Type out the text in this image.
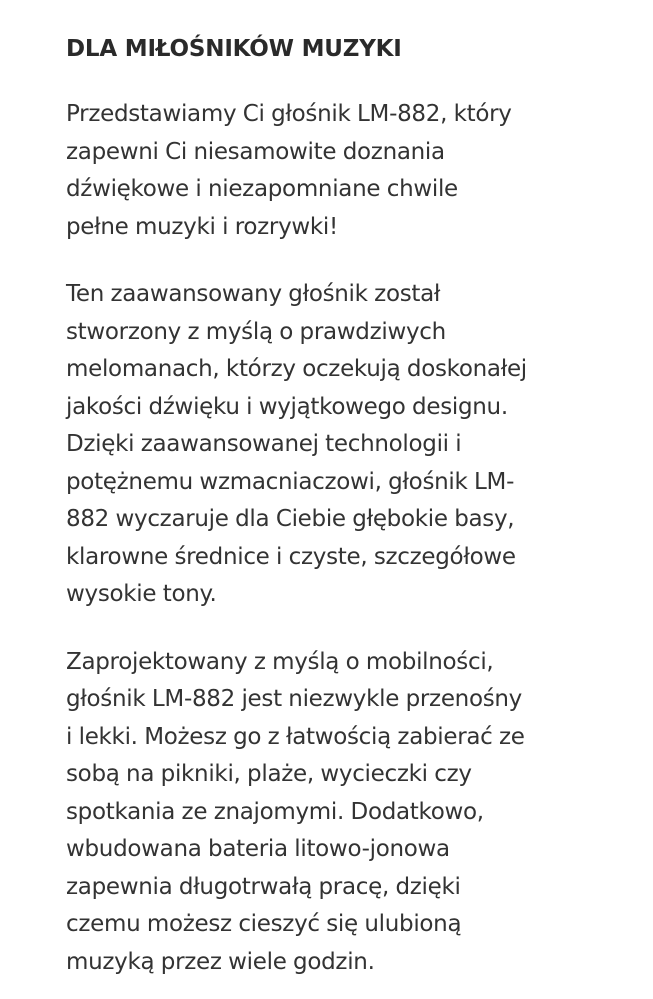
DLA MIŁOŚNIKÓW MUZYKI

Przedstawiamy Ci głośnik LM-882, który
zapewni Ci niesamowite doznania
dźwiękowe i niezapomniane chwile
pełne muzyki i rozrywki!

Ten zaawansowany głośnik został
stworzony z myślą o prawdziwych
melomanach, którzy oczekują doskonałej
jakości dźwięku i wyjątkowego designu.
Dzięki zaawansowanej technologii i
potężnemu wzmacniaczowi, głośnik LM-
882 wyczaruje dla Ciebie głębokie basy,
klarowne średnice i czyste, szczegółowe
wysokie tony.

Zaprojektowany z myślą o mobilności,
głośnik LM-882 jest niezwykle przenośny
i lekki. Możesz go z łatwością zabierać ze
sobą na pikniki, plaże, wycieczki czy
spotkania ze znajomymi. Dodatkowo,
wbudowana bateria litowo-jonowa
zapewnia długotrwałą pracę, dzięki
czemu możesz cieszyć się ulubioną
muzyką przez wiele godzin.
